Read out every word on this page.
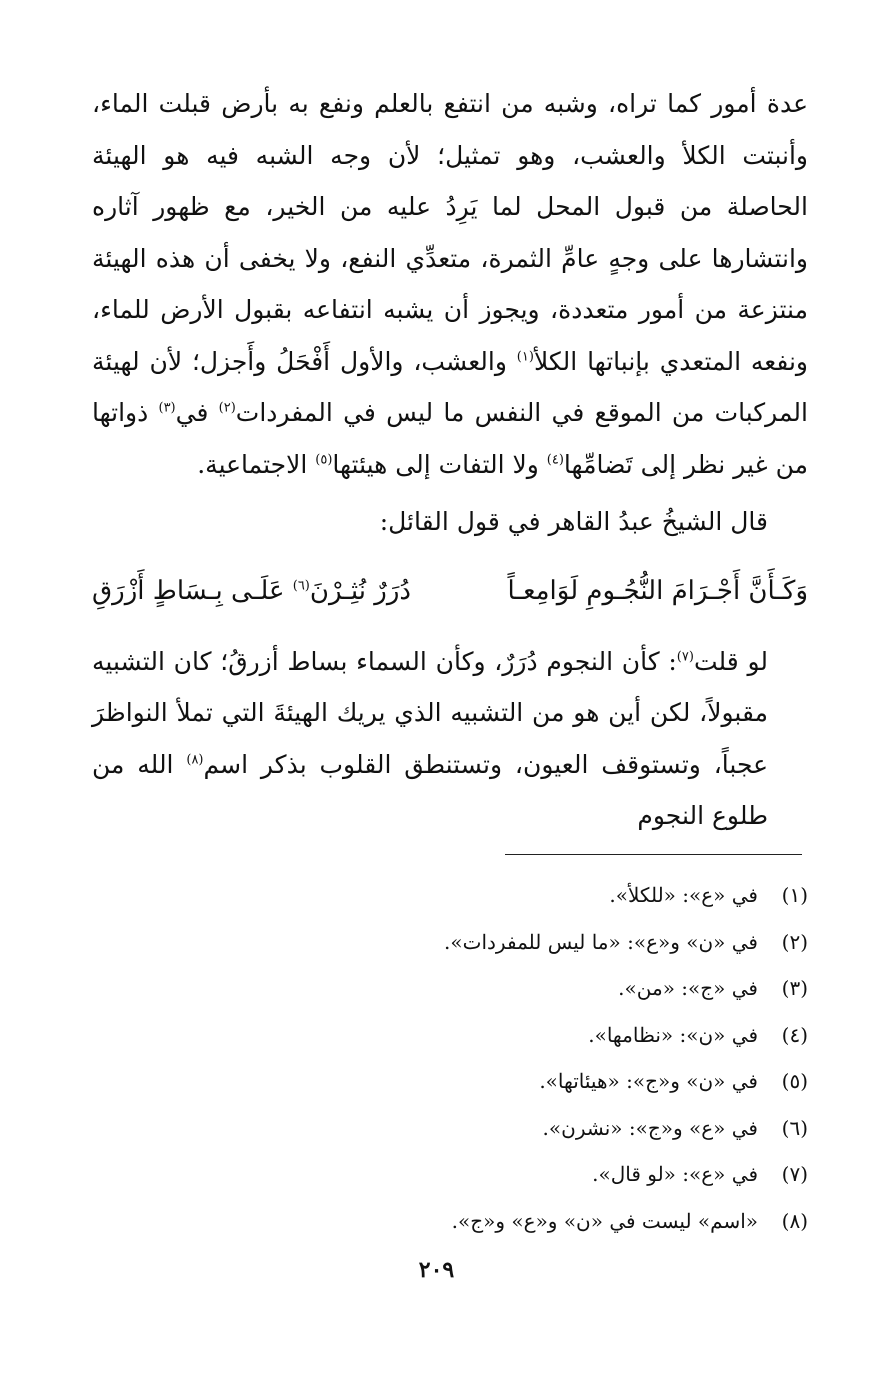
عدة أمور كما تراه، وشبه من انتفع بالعلم ونفع به بأرض قبلت الماء، وأنبتت الكلأ والعشب، وهو تمثيل؛ لأن وجه الشبه فيه هو الهيئة الحاصلة من قبول المحل لما يَرِدُ عليه من الخير، مع ظهور آثاره وانتشارها على وجهٍ عامِّ الثمرة، متعدِّي النفع، ولا يخفى أن هذه الهيئة منتزعة من أمور متعددة، ويجوز أن يشبه انتفاعه بقبول الأرض للماء، ونفعه المتعدي بإنباتها الكلأ$^{(١)}$ والعشب، والأول أَفْحَلُ وأَجزل؛ لأن لهيئة المركبات من الموقع في النفس ما ليس في المفردات$^{(٢)}$ في$^{(٣)}$ ذواتها من غير نظر إلى تَضامِّها$^{(٤)}$ ولا التفات إلى هيئتها$^{(٥)}$ الاجتماعية.

قال الشيخُ عبدُ القاهر في قول القائل:

وَكَـأَنَّ أَجْـرَامَ النُّجُـومِ لَوَامِعـاً
دُرَرٌ نُثِـرْنَ$^{(٦)}$ عَلَـى بِـسَاطٍ أَزْرَقِ

لو قلت$^{(٧)}$: كأن النجوم دُرَرٌ، وكأن السماء بساط أزرقُ؛ كان التشبيه مقبولاً، لكن أين هو من التشبيه الذي يريك الهيئةَ التي تملأ النواظرَ عجباً، وتستوقف العيون، وتستنطق القلوب بذكر اسم$^{(٨)}$ الله من طلوع النجوم

(١)
في «ع»: «للكلأ».
(٢)
في «ن» و«ع»: «ما ليس للمفردات».
(٣)
في «ج»: «من».
(٤)
في «ن»: «نظامها».
(٥)
في «ن» و«ج»: «هيئاتها».
(٦)
في «ع» و«ج»: «نشرن».
(٧)
في «ع»: «لو قال».
(٨)
«اسم» ليست في «ن» و«ع» و«ج».
٢٠٩
